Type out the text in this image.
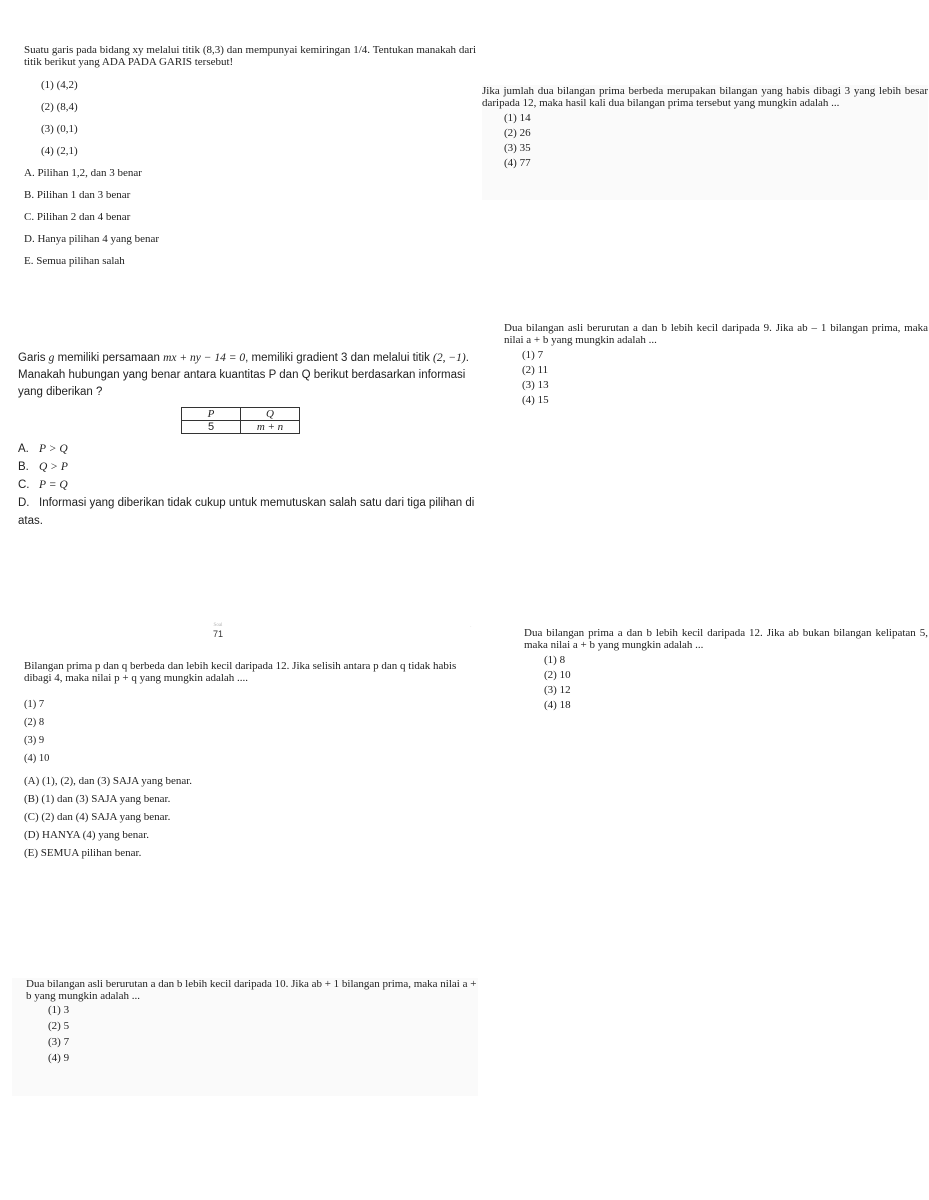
Suatu garis pada bidang xy melalui titik (8,3) dan mempunyai kemiringan 1/4. Tentukan manakah dari titik berikut yang ADA PADA GARIS tersebut!

(1) (4,2)

(2) (8,4)

(3) (0,1)

(4) (2,1)

A. Pilihan 1,2, dan 3 benar

B. Pilihan 1 dan 3 benar

C. Pilihan 2 dan 4 benar

D. Hanya pilihan 4 yang benar

E. Semua pilihan salah

Jika jumlah dua bilangan prima berbeda merupakan bilangan yang habis dibagi 3 yang lebih besar daripada 12, maka hasil kali dua bilangan prima tersebut yang mungkin adalah ...

(1) 14

(2) 26

(3) 35

(4) 77

Garis g memiliki persamaan mx + ny − 14 = 0, memiliki gradient 3 dan melalui titik (2, −1).

Manakah hubungan yang benar antara kuantitas P dan Q berikut berdasarkan informasi yang diberikan ?

P	Q
5	m + n

A. P > Q

B. Q > P

C. P = Q

D. Informasi yang diberikan tidak cukup untuk memutuskan salah satu dari tiga pilihan di atas.

Dua bilangan asli berurutan a dan b lebih kecil daripada 9. Jika ab – 1 bilangan prima, maka nilai a + b yang mungkin adalah ...

(1) 7

(2) 11

(3) 13

(4) 15

Soal
71
·

Bilangan prima p dan q berbeda dan lebih kecil daripada 12. Jika selisih antara p dan q tidak habis dibagi 4, maka nilai p + q yang mungkin adalah ....

(1) 7

(2) 8

(3) 9

(4) 10

(A) (1), (2), dan (3) SAJA yang benar.

(B) (1) dan (3) SAJA yang benar.

(C) (2) dan (4) SAJA yang benar.

(D) HANYA (4) yang benar.

(E) SEMUA pilihan benar.

Dua bilangan prima a dan b lebih kecil daripada 12. Jika ab bukan bilangan kelipatan 5, maka nilai a + b yang mungkin adalah ...

(1) 8

(2) 10

(3) 12

(4) 18

Dua bilangan asli berurutan a dan b lebih kecil daripada 10. Jika ab + 1 bilangan prima, maka nilai a + b yang mungkin adalah ...

(1) 3

(2) 5

(3) 7

(4) 9
